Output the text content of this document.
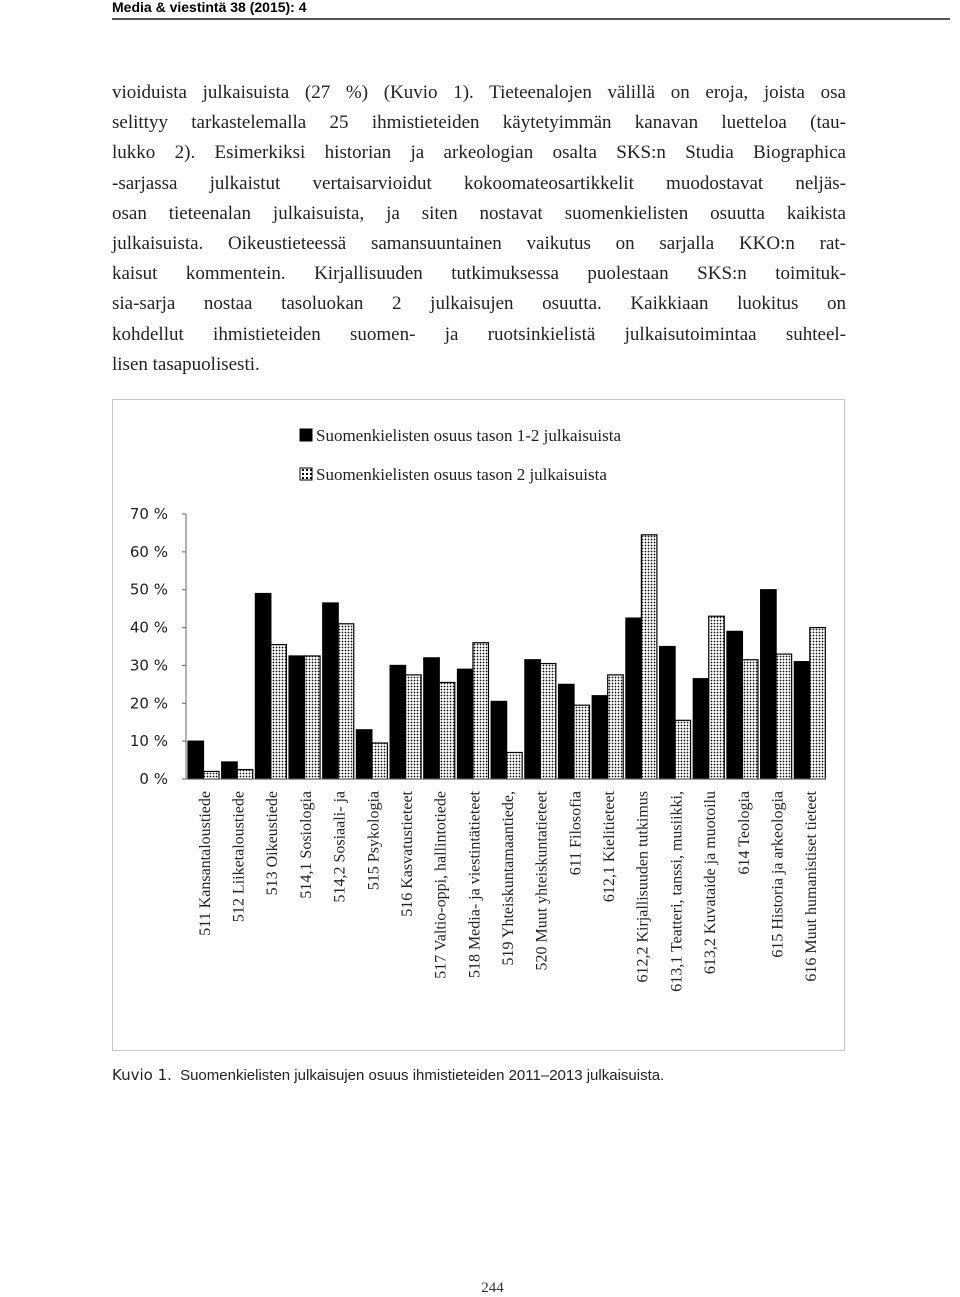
Media & viestintä 38 (2015): 4
vioiduista julkaisuista (27 %) (Kuvio 1). Tieteenalojen välillä on eroja, joista osa
selittyy tarkastelemalla 25 ihmistieteiden käytetyimmän kanavan luetteloa (tau-
lukko 2). Esimerkiksi historian ja arkeologian osalta SKS:n Studia Biographica
-sarjassa julkaistut vertaisarvioidut kokoomateosartikkelit muodostavat neljäs-
osan tieteenalan julkaisuista, ja siten nostavat suomenkielisten osuutta kaikista
julkaisuista. Oikeustieteessä samansuuntainen vaikutus on sarjalla KKO:n rat-
kaisut kommentein. Kirjallisuuden tutkimuksessa puolestaan SKS:n toimituk-
sia-sarja nostaa tasoluokan 2 julkaisujen osuutta. Kaikkiaan luokitus on
kohdellut ihmistieteiden suomen- ja ruotsinkielistä julkaisutoimintaa suhteel-
lisen tasapuolisesti.
Suomenkielisten osuus tason 1-2 julkaisuista
Suomenkielisten osuus tason 2 julkaisuista
0 %
10 %
20 %
30 %
40 %
50 %
60 %
70 %
511 Kansantaloustiede 512 Liiketaloustiede 513 Oikeustiede 514,1 Sosiologia 514,2 Sosiaali- ja 515 Psykologia 516 Kasvatustieteet 517 Valtio-oppi, hallintotiede 518 Media- ja viestintätieteet 519 Yhteiskuntamaantiede, 520 Muut yhteiskuntatieteet 611 Filosofia 612,1 Kielitieteet 612,2 Kirjallisuuden tutkimus 613,1 Teatteri, tanssi, musiikki, 613,2 Kuvataide ja muotoilu 614 Teologia 615 Historia ja arkeologia 616 Muut humanistiset tieteet
Kuvio 1. Suomenkielisten julkaisujen osuus ihmistieteiden 2011–2013 julkaisuista.
244
